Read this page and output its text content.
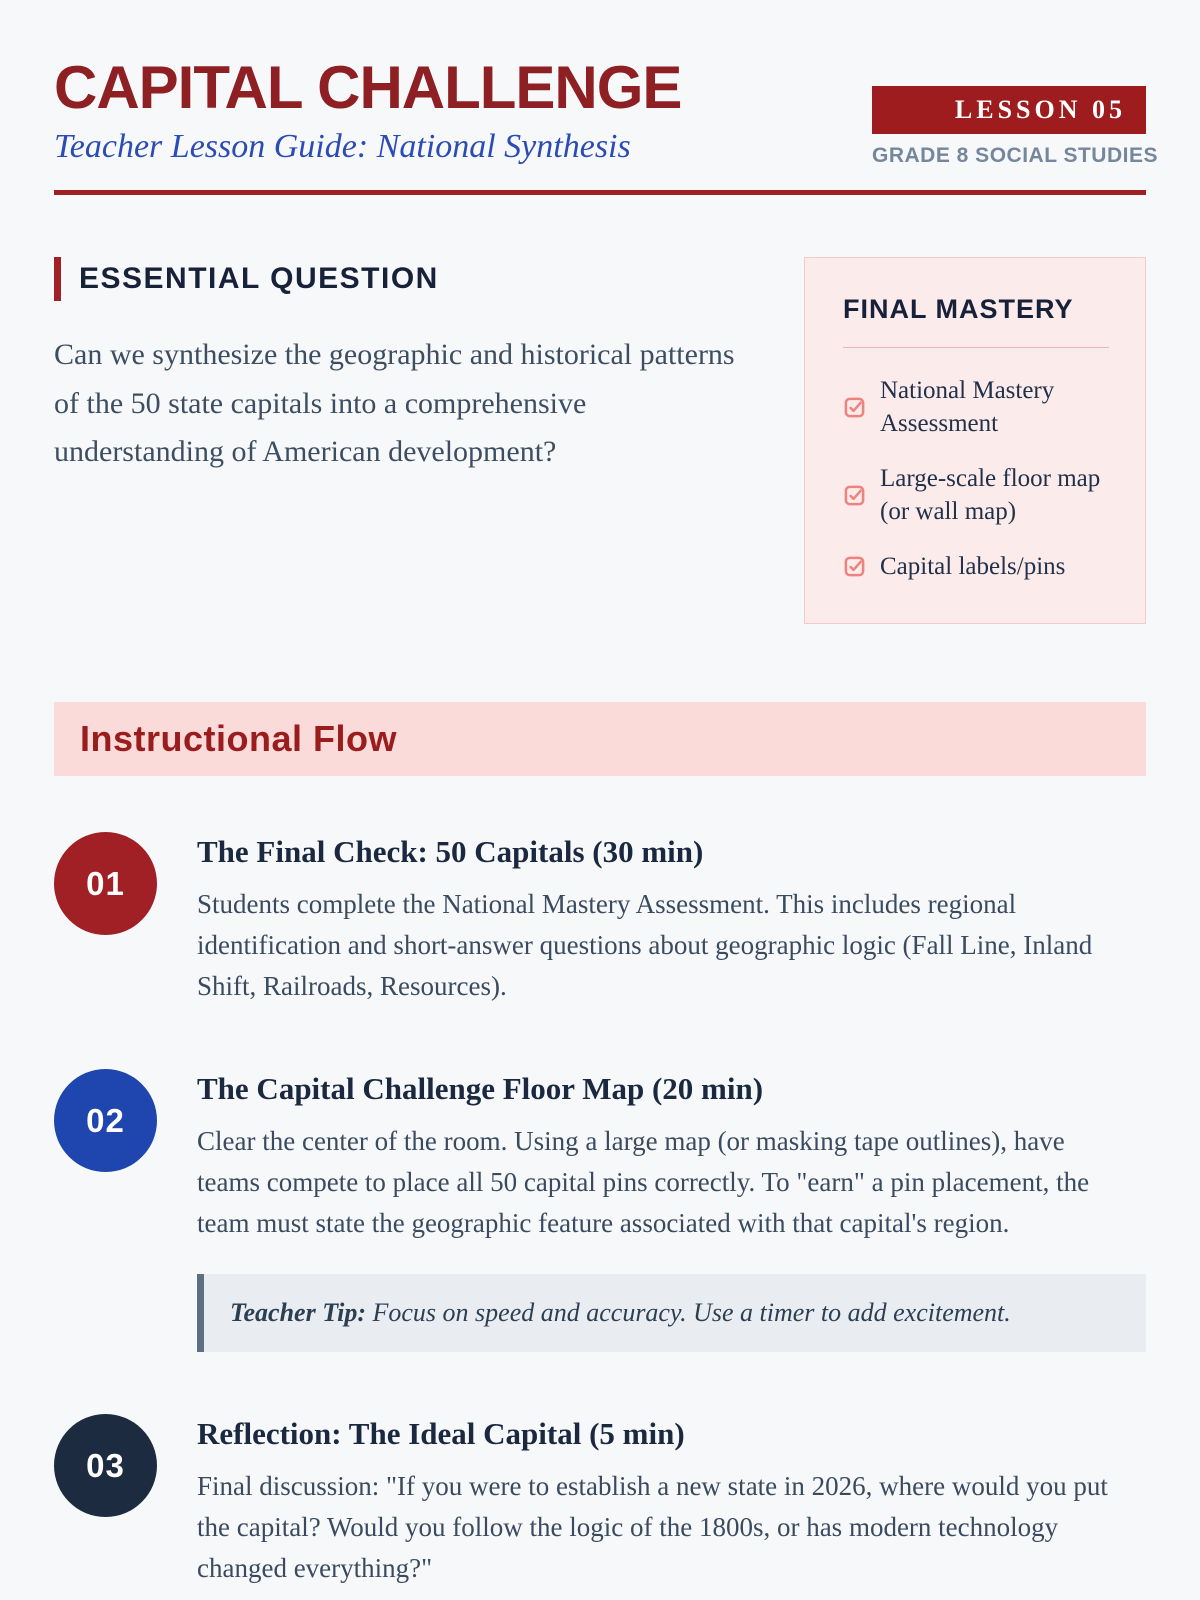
CAPITAL CHALLENGE
Teacher Lesson Guide: National Synthesis
LESSON 05
GRADE 8 SOCIAL STUDIES
ESSENTIAL QUESTION

Can we synthesize the geographic and historical patterns of the 50 state capitals into a comprehensive understanding of American development?

FINAL MASTERY
National Mastery Assessment
Large-scale floor map (or wall map)
Capital labels/pins
Instructional Flow
01
The Final Check: 50 Capitals (30 min)

Students complete the National Mastery Assessment. This includes regional identification and short-answer questions about geographic logic (Fall Line, Inland Shift, Railroads, Resources).

02
The Capital Challenge Floor Map (20 min)

Clear the center of the room. Using a large map (or masking tape outlines), have teams compete to place all 50 capital pins correctly. To "earn" a pin placement, the team must state the geographic feature associated with that capital's region.

Teacher Tip: Focus on speed and accuracy. Use a timer to add excitement.
03
Reflection: The Ideal Capital (5 min)

Final discussion: "If you were to establish a new state in 2026, where would you put the capital? Would you follow the logic of the 1800s, or has modern technology changed everything?"
